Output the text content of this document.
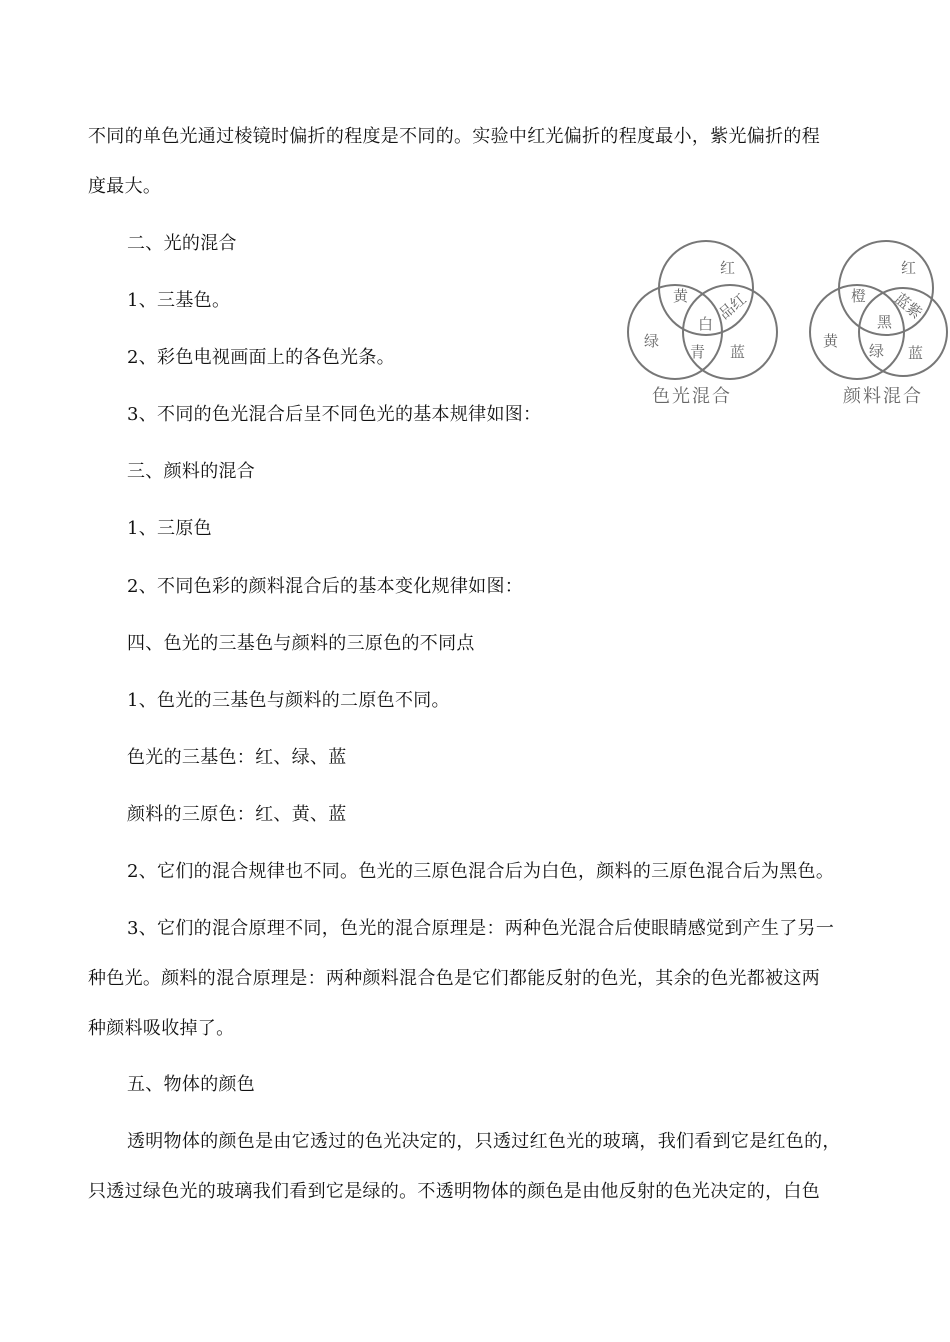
不同的单色光通过棱镜时偏折的程度是不同的。实验中红光偏折的程度最小，紫光偏折的程
度最大。
二、光的混合
1、三基色。
2、彩色电视画面上的各色光条。
3、不同的色光混合后呈不同色光的基本规律如图：
三、颜料的混合
1、三原色
2、不同色彩的颜料混合后的基本变化规律如图：
四、色光的三基色与颜料的三原色的不同点
1、色光的三基色与颜料的二原色不同。
色光的三基色：红、绿、蓝
颜料的三原色：红、黄、蓝
2、它们的混合规律也不同。色光的三原色混合后为白色，颜料的三原色混合后为黑色。
3、它们的混合原理不同，色光的混合原理是：两种色光混合后使眼睛感觉到产生了另一
种色光。颜料的混合原理是：两种颜料混合色是它们都能反射的色光，其余的色光都被这两
种颜料吸收掉了。
五、物体的颜色
透明物体的颜色是由它透过的色光决定的，只透过红色光的玻璃，我们看到它是红色的，
只透过绿色光的玻璃我们看到它是绿的。不透明物体的颜色是由他反射的色光决定的，白色
红
黄 品红
白
绿
青 蓝
色光混合
红
橙 蓝紫
黑
黄
绿 蓝
颜料混合
